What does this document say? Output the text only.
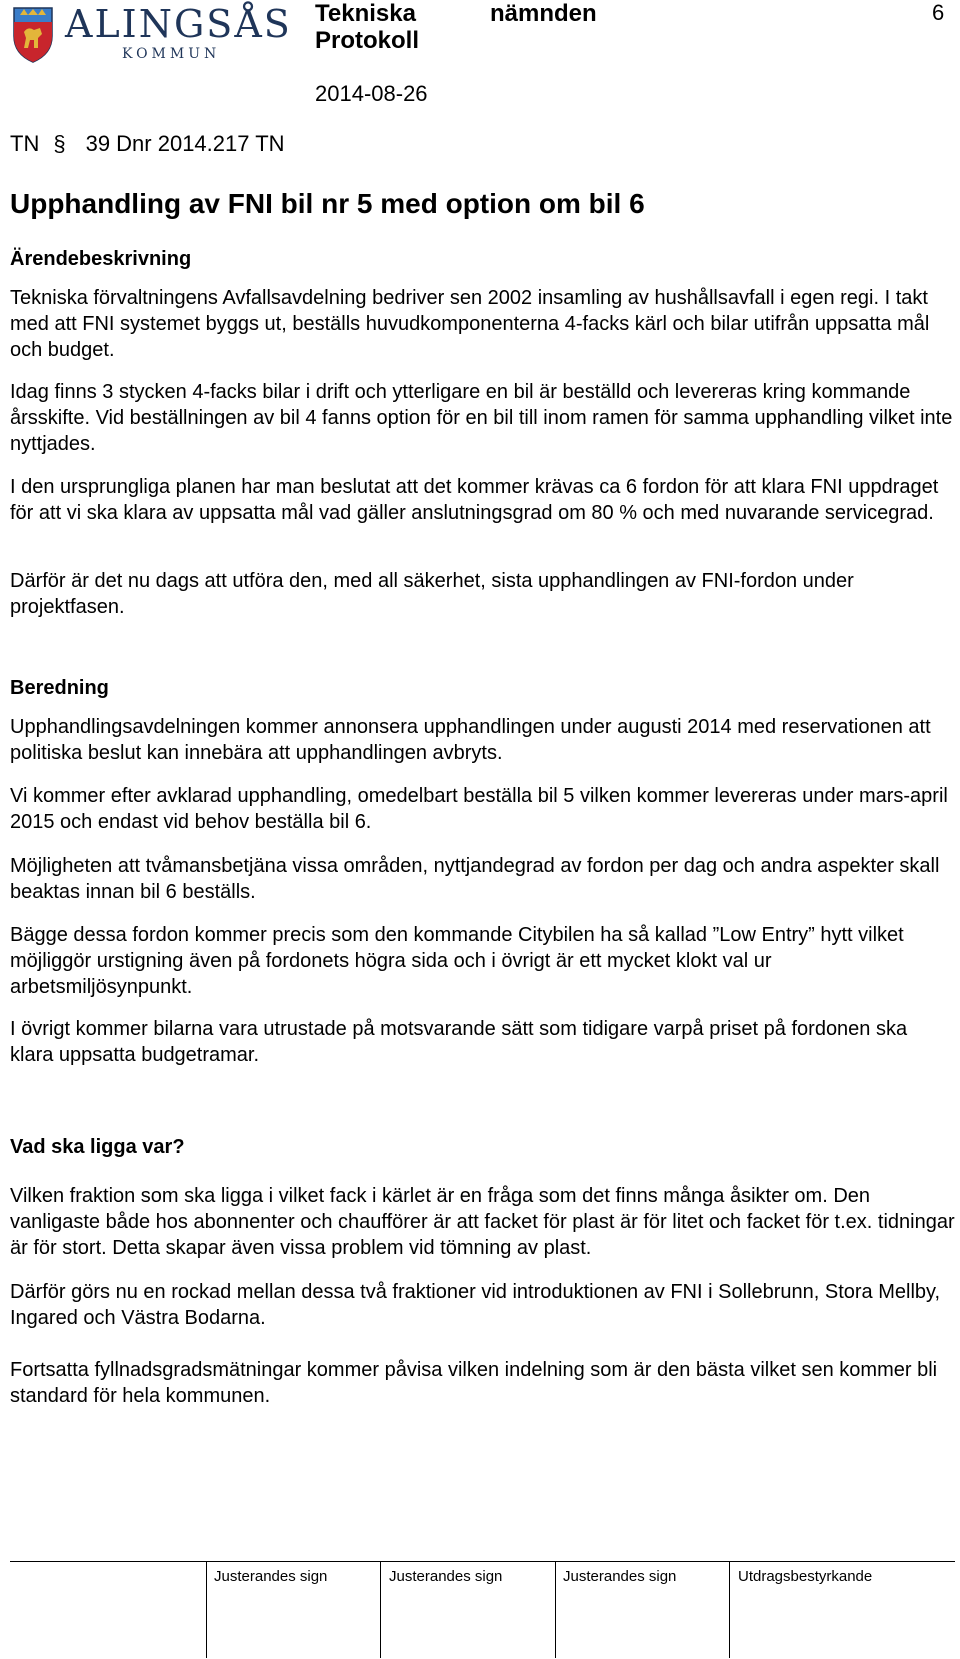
ALINGSÅS
KOMMUN
Tekniska	nämnden
Protokoll
2014-08-26
6
TN § 39 Dnr 2014.217 TN
Upphandling av FNI bil nr 5 med option om bil 6
Ärendebeskrivning

Tekniska förvaltningens Avfallsavdelning bedriver sen 2002 insamling av hushållsavfall i egen regi. I takt med att FNI systemet byggs ut, beställs huvudkomponenterna 4-facks kärl och bilar utifrån uppsatta mål och budget.

Idag finns 3 stycken 4-facks bilar i drift och ytterligare en bil är beställd och levereras kring kommande årsskifte. Vid beställningen av bil 4 fanns option för en bil till inom ramen för samma upphandling vilket inte nyttjades.

I den ursprungliga planen har man beslutat att det kommer krävas ca 6 fordon för att klara FNI uppdraget för att vi ska klara av uppsatta mål vad gäller anslutningsgrad om 80 % och med nuvarande servicegrad.

Därför är det nu dags att utföra den, med all säkerhet, sista upphandlingen av FNI-fordon under projektfasen.

Beredning

Upphandlingsavdelningen kommer annonsera upphandlingen under augusti 2014 med reservationen att politiska beslut kan innebära att upphandlingen avbryts.

Vi kommer efter avklarad upphandling, omedelbart beställa bil 5 vilken kommer levereras under mars-april 2015 och endast vid behov beställa bil 6.

Möjligheten att tvåmansbetjäna vissa områden, nyttjandegrad av fordon per dag och andra aspekter skall beaktas innan bil 6 beställs.

Bägge dessa fordon kommer precis som den kommande Citybilen ha så kallad ”Low Entry” hytt vilket möjliggör urstigning även på fordonets högra sida och i övrigt är ett mycket klokt val ur arbetsmiljösynpunkt.

I övrigt kommer bilarna vara utrustade på motsvarande sätt som tidigare varpå priset på fordonen ska klara uppsatta budgetramar.

Vad ska ligga var?

Vilken fraktion som ska ligga i vilket fack i kärlet är en fråga som det finns många åsikter om. Den vanligaste både hos abonnenter och chaufförer är att facket för plast är för litet och facket för t.ex. tidningar är för stort. Detta skapar även vissa problem vid tömning av plast.

Därför görs nu en rockad mellan dessa två fraktioner vid introduktionen av FNI i Sollebrunn, Stora Mellby, Ingared och Västra Bodarna.

Fortsatta fyllnadsgradsmätningar kommer påvisa vilken indelning som är den bästa vilket sen kommer bli standard för hela kommunen.

Justerandes sign	Justerandes sign	Justerandes sign	Utdragsbestyrkande
